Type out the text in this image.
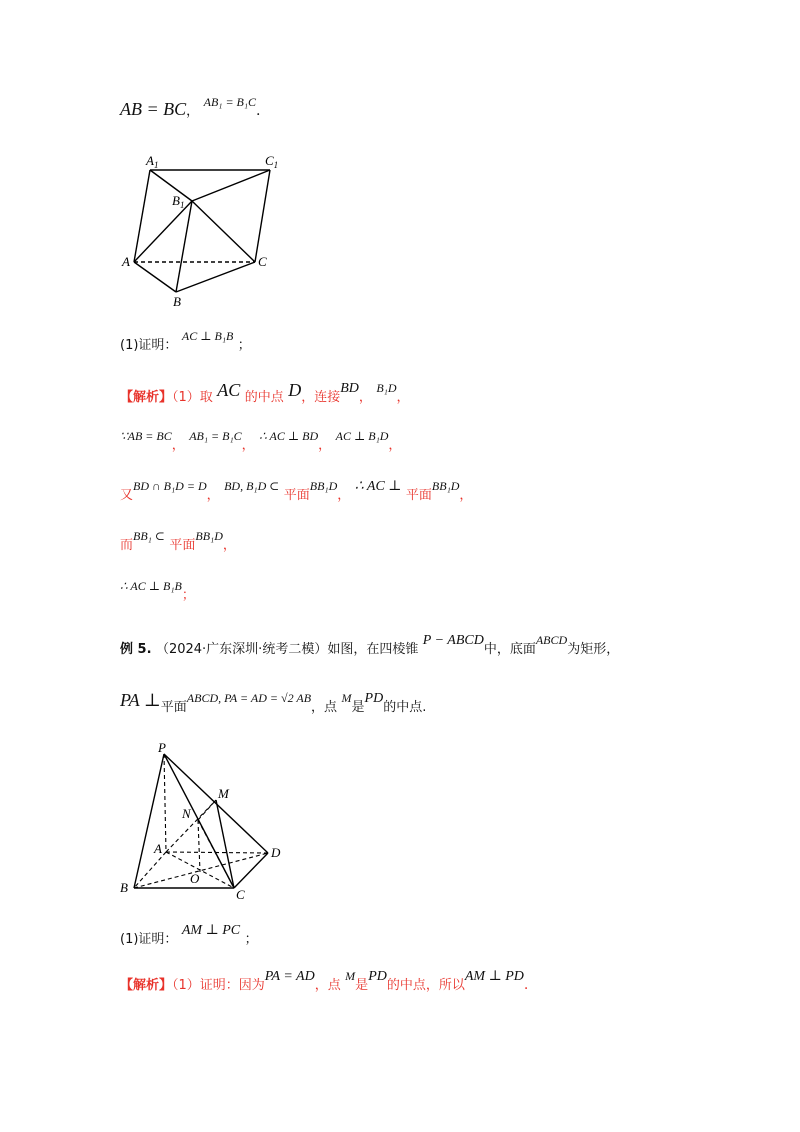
AB = BC， AB₁ = B₁C.
$A_1$	$C_1$
$B_1$
A	C
B
(1)证明： AC ⊥ B₁B ；
【解析】（1）取 AC 的中点 D，连接BD， B₁D，
∵AB = BC， AB₁ = B₁C， ∴ AC ⊥ BD， AC ⊥ B₁D，
又BD ∩ B₁D = D， BD, B₁D ⊂ 平面BB₁D， ∴ AC ⊥ 平面BB₁D，
而BB₁ ⊂ 平面BB₁D，
∴ AC ⊥ B₁B；
例 5. （2024·广东深圳·统考二模）如图，在四棱锥 P − ABCD中，底面ABCD为矩形，
PA ⊥平面ABCD, PA = AD = √2 AB，点 M是PD的中点.
P
M
N
A	D
B
O
C
(1)证明： AM ⊥ PC ；
【解析】（1）证明：因为PA = AD，点 M是PD的中点，所以AM ⊥ PD.
